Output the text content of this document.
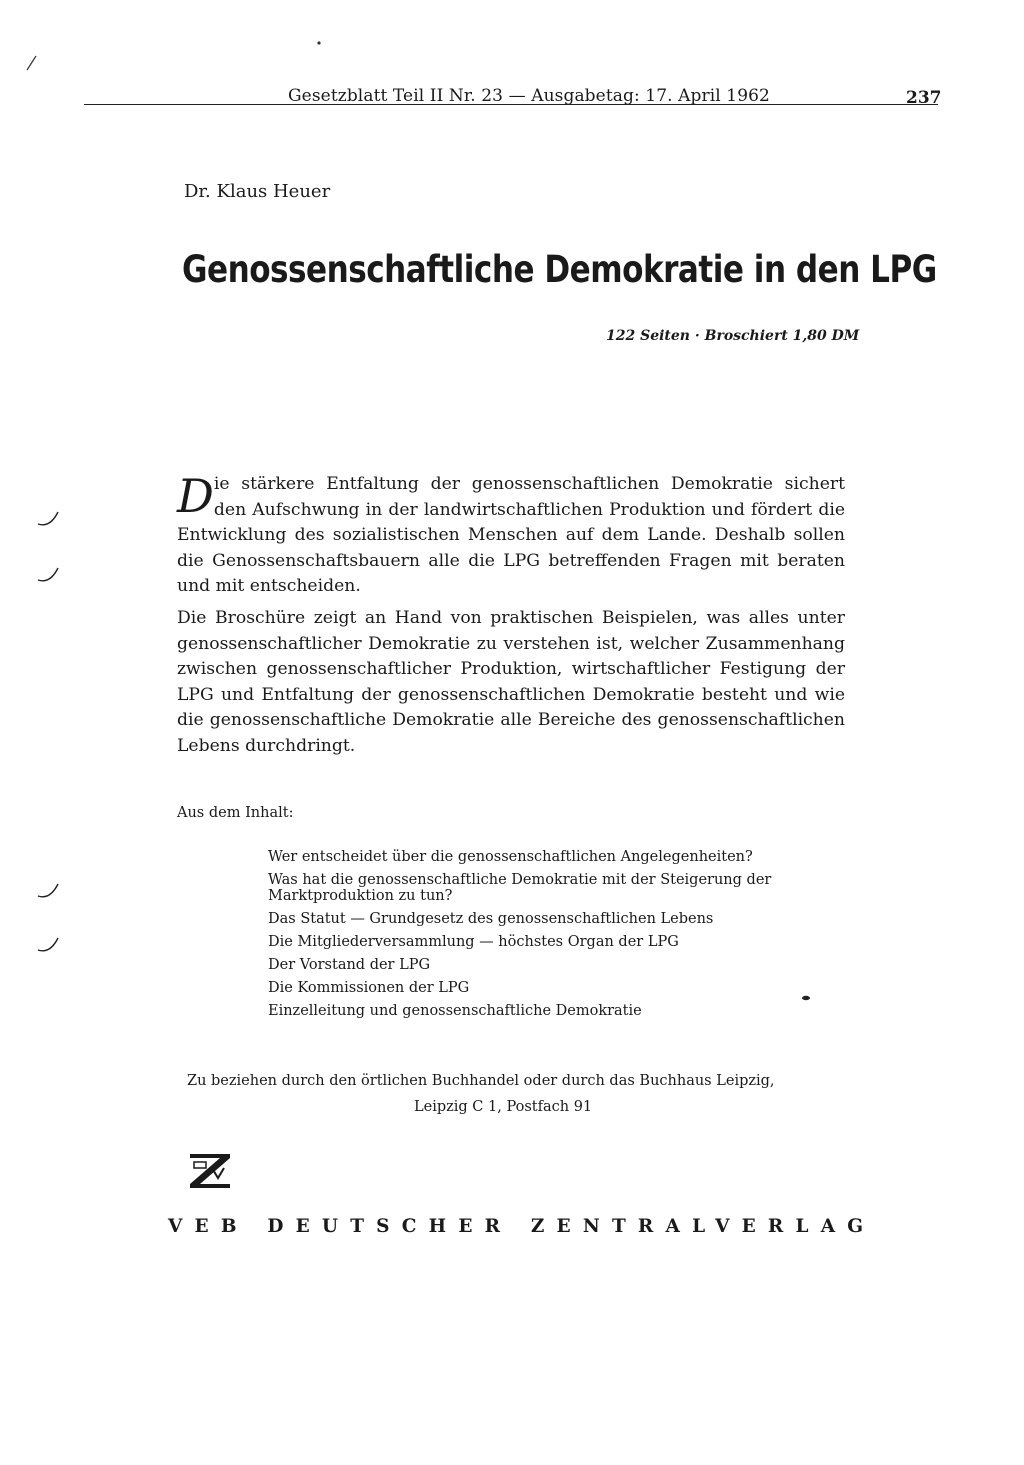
Gesetzblatt Teil II Nr. 23 — Ausgabetag: 17. April 1962	237
Dr. Klaus Heuer
Genossenschaftliche Demokratie in den LPG
122 Seiten · Broschiert 1,80 DM

Die stärkere Entfaltung der genossenschaftlichen Demokratie sichert den Aufschwung in der landwirtschaftlichen Produktion und fördert die Entwicklung des sozialistischen Menschen auf dem Lande. Deshalb sollen die Genossenschaftsbauern alle die LPG betreffenden Fragen mit beraten und mit entscheiden.

Die Broschüre zeigt an Hand von praktischen Beispielen, was alles unter genossenschaftlicher Demokratie zu verstehen ist, welcher Zusammenhang zwischen genossenschaftlicher Produktion, wirtschaftlicher Festigung der LPG und Entfaltung der genossenschaftlichen Demokratie besteht und wie die genossenschaftliche Demokratie alle Bereiche des genossenschaftlichen Lebens durchdringt.

Aus dem Inhalt:
Wer entscheidet über die genossenschaftlichen Angelegenheiten?
Was hat die genossenschaftliche Demokratie mit der Steigerung der Marktproduktion zu tun?
Das Statut — Grundgesetz des genossenschaftlichen Lebens
Die Mitgliederversammlung — höchstes Organ der LPG
Der Vorstand der LPG
Die Kommissionen der LPG
Einzelleitung und genossenschaftliche Demokratie
Zu beziehen durch den örtlichen Buchhandel oder durch das Buchhaus Leipzig,
Leipzig C 1, Postfach 91
VEB DEUTSCHER ZENTRALVERLAG
